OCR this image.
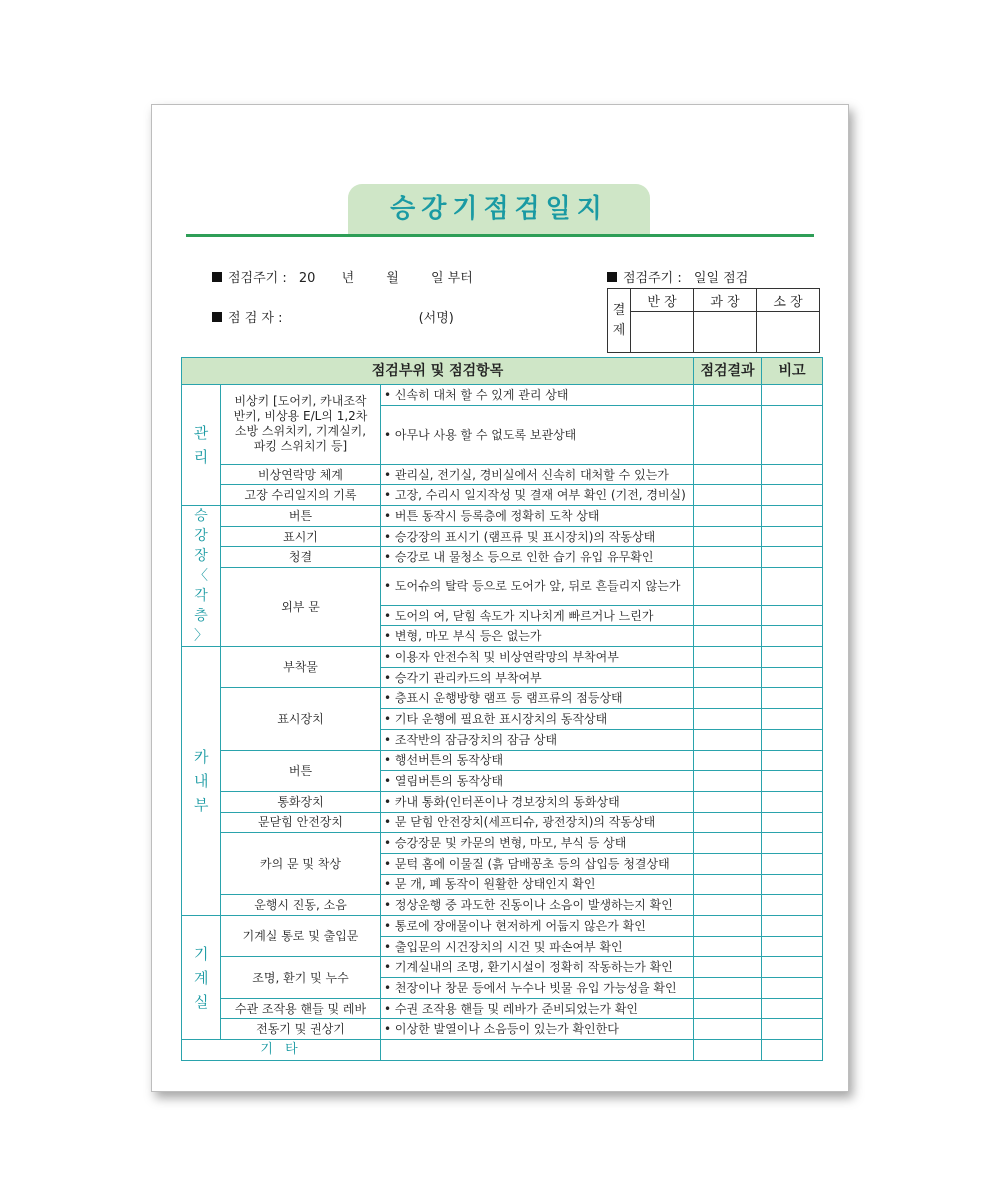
승강기점검일지
점검주기 : 20 년 월 일 부터	점검주기 : 일일 점검
점 검 자 :	(서명)
결 제	반 장	과 장	소 장

점검부위 및 점검항목			점검결과	비고
관 리	비상키 [도어키, 카내조작반키, 비상용 E/L의 1,2차소방 스위치키, 기계실키, 파킹 스위치기 등]	• 신속히 대처 할 수 있게 관리 상태		
		• 아무나 사용 할 수 없도록 보관상태		
	비상연락망 체계	• 관리실, 전기실, 경비실에서 신속히 대처할 수 있는가		
	고장 수리일지의 기록	• 고장, 수리시 일지작성 및 결재 여부 확인 (기전, 경비실)		
승 강 장 〈 각 층 〉	버튼	• 버튼 동작시 등록층에 정확히 도착 상태		
	표시기	• 승강장의 표시기 (램프류 및 표시장치)의 작동상태		
	청결	• 승강로 내 물청소 등으로 인한 습기 유입 유무확인		
	외부 문	• 도어슈의 탈락 등으로 도어가 앞, 뒤로 흔들리지 않는가		
		• 도어의 여, 닫힘 속도가 지나치게 빠르거나 느린가		
		• 변형, 마모 부식 등은 없는가		
카 내 부	부착물	• 이용자 안전수칙 및 비상연락망의 부착여부		
		• 승각기 관리카드의 부착여부		
	표시장치	• 층표시 운행방향 램프 등 램프류의 점등상태		
		• 기타 운행에 필요한 표시장치의 동작상태		
		• 조작반의 잠금장치의 잠금 상태		
	버튼	• 행선버튼의 동작상태		
		• 열림버튼의 동작상태		
	통화장치	• 카내 통화(인터폰이나 경보장치의 동화상태		
	문닫힘 안전장치	• 문 닫힘 안전장치(세프티슈, 광전장치)의 작동상태		
	카의 문 및 착상	• 승강장문 및 카문의 변형, 마모, 부식 등 상태		
		• 문턱 홈에 이물질 (흙 담배꽁초 등의 삽입등 청결상태		
		• 문 개, 폐 동작이 원활한 상태인지 확인		
	운행시 진동, 소음	• 정상운행 중 과도한 진동이나 소음이 발생하는지 확인		
기 계 실	기계실 통로 및 출입문	• 통로에 장애물이나 현저하게 어둡지 않은가 확인		
		• 출입문의 시건장치의 시건 및 파손여부 확인		
	조명, 환기 및 누수	• 기계실내의 조명, 환기시설이 정확히 작동하는가 확인		
		• 천장이나 창문 등에서 누수나 빗물 유입 가능성을 확인		
	수관 조작용 핸들 및 레바	• 수권 조작용 핸들 및 레바가 준비되었는가 확인		
	전동기 및 권상기	• 이상한 발열이나 소음등이 있는가 확인한다		
기 타				
